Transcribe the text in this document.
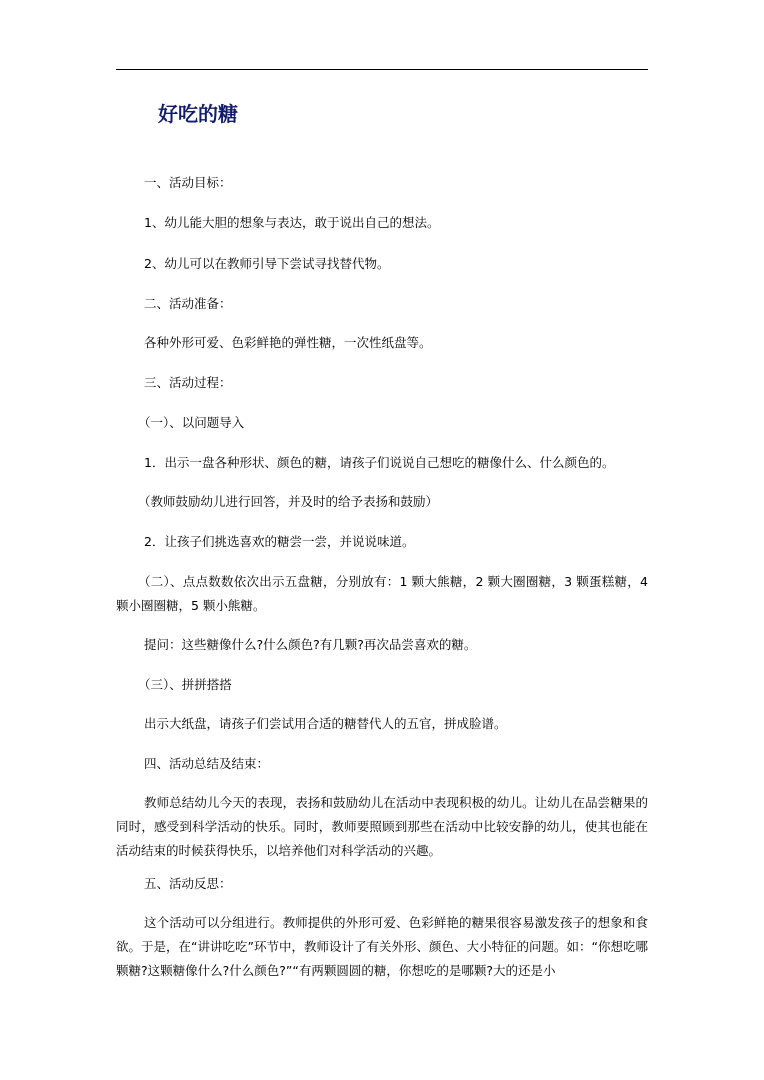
好吃的糖
一、活动目标：
1、幼儿能大胆的想象与表达，敢于说出自己的想法。
2、幼儿可以在教师引导下尝试寻找替代物。
二、活动准备：
各种外形可爱、色彩鲜艳的弹性糖，一次性纸盘等。
三、活动过程：
（一）、以问题导入
1．出示一盘各种形状、颜色的糖，请孩子们说说自己想吃的糖像什么、什么颜色的。
（教师鼓励幼儿进行回答，并及时的给予表扬和鼓励）
2．让孩子们挑选喜欢的糖尝一尝，并说说味道。
（二）、点点数数依次出示五盘糖，分别放有：1 颗大熊糖，2 颗大圈圈糖，3 颗蛋糕糖，4 颗小圈圈糖，5 颗小熊糖。
提问：这些糖像什么?什么颜色?有几颗?再次品尝喜欢的糖。
（三）、拼拼搭搭
出示大纸盘，请孩子们尝试用合适的糖替代人的五官，拼成脸谱。
四、活动总结及结束：
教师总结幼儿今天的表现，表扬和鼓励幼儿在活动中表现积极的幼儿。让幼儿在品尝糖果的同时，感受到科学活动的快乐。同时，教师要照顾到那些在活动中比较安静的幼儿，使其也能在活动结束的时候获得快乐，以培养他们对科学活动的兴趣。
五、活动反思：
这个活动可以分组进行。教师提供的外形可爱、色彩鲜艳的糖果很容易激发孩子的想象和食欲。于是，在“讲讲吃吃”环节中，教师设计了有关外形、颜色、大小特征的问题。如：“你想吃哪颗糖?这颗糖像什么?什么颜色?”“有两颗圆圆的糖，你想吃的是哪颗?大的还是小
